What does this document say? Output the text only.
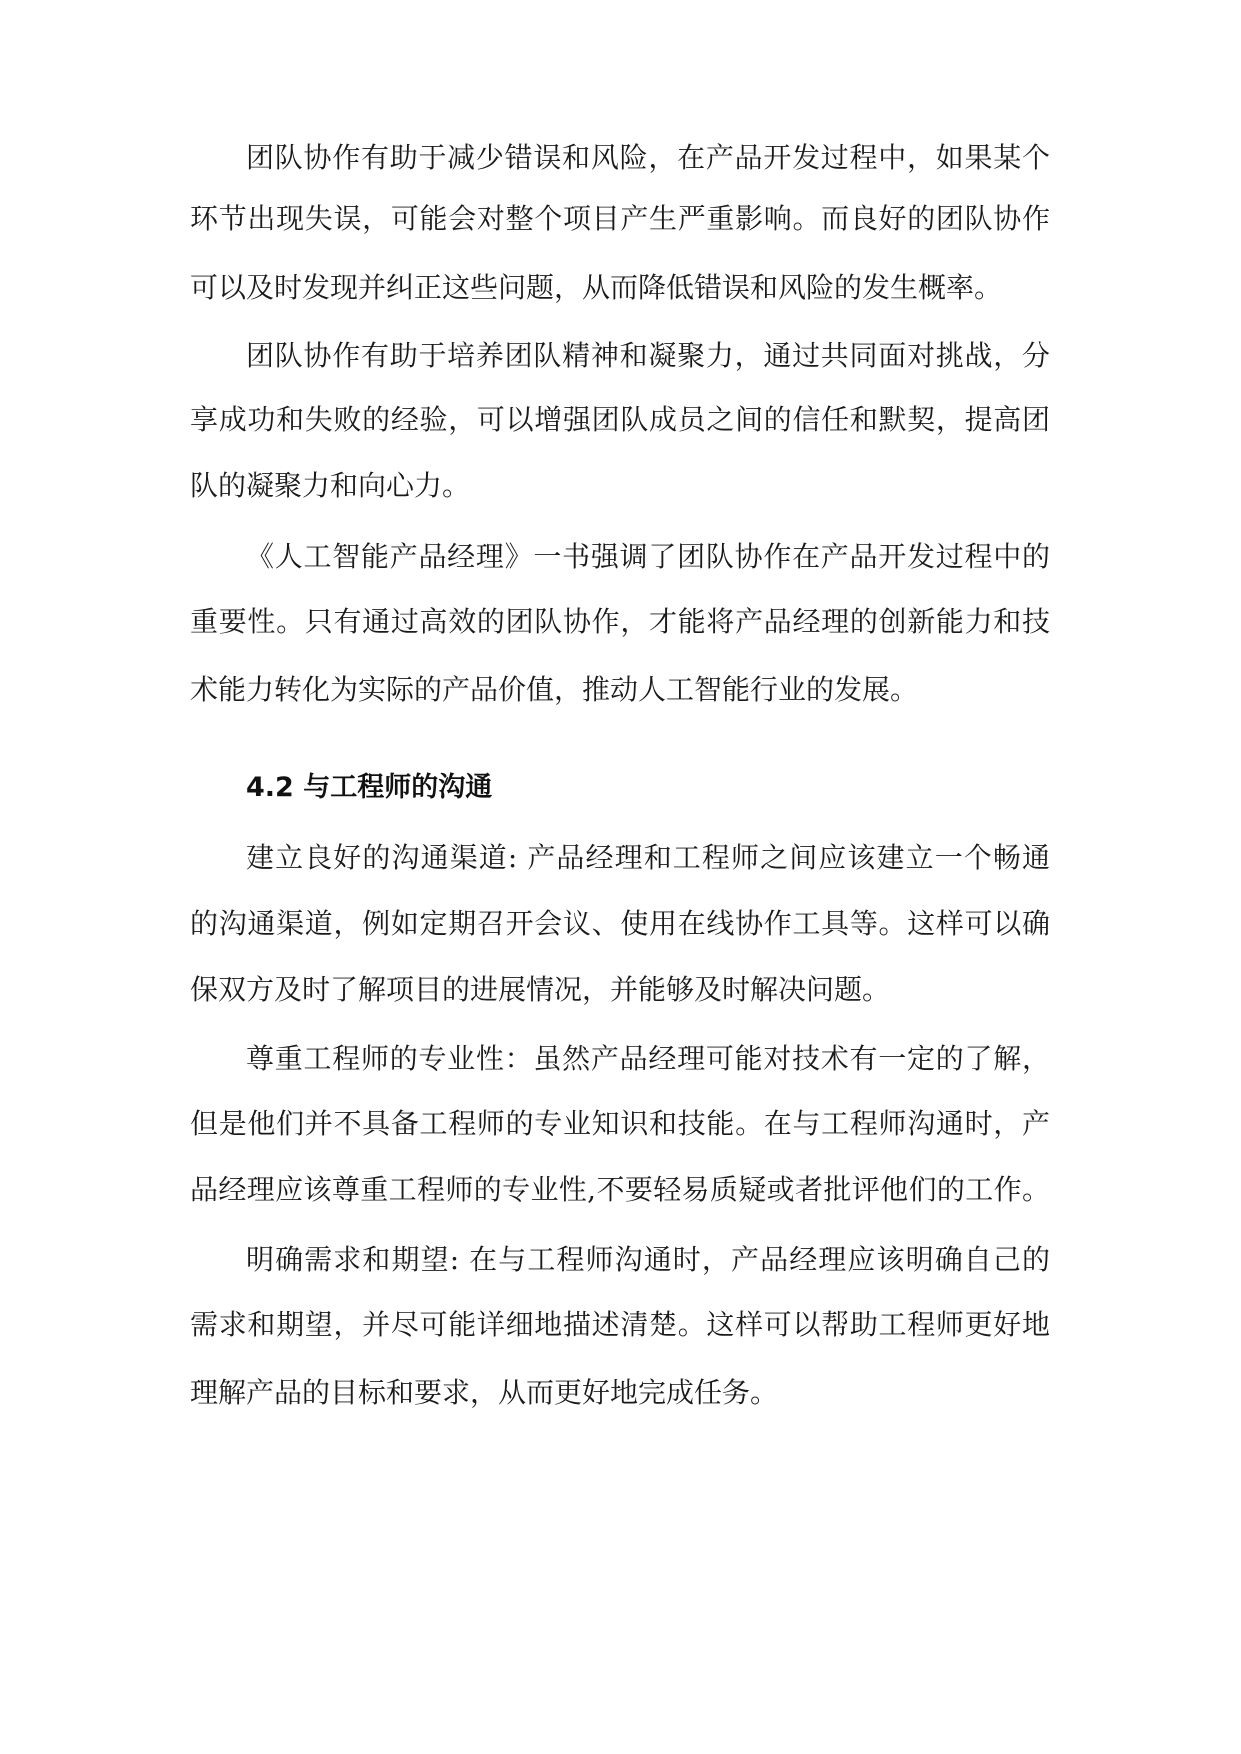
团队协作有助于减少错误和风险，在产品开发过程中，如果某个

环节出现失误，可能会对整个项目产生严重影响。而良好的团队协作

可以及时发现并纠正这些问题，从而降低错误和风险的发生概率。

团队协作有助于培养团队精神和凝聚力，通过共同面对挑战，分

享成功和失败的经验，可以增强团队成员之间的信任和默契，提高团

队的凝聚力和向心力。

《人工智能产品经理》一书强调了团队协作在产品开发过程中的

重要性。只有通过高效的团队协作，才能将产品经理的创新能力和技

术能力转化为实际的产品价值，推动人工智能行业的发展。

4.2 与工程师的沟通

建立良好的沟通渠道: 产品经理和工程师之间应该建立一个畅通

的沟通渠道，例如定期召开会议、使用在线协作工具等。这样可以确

保双方及时了解项目的进展情况，并能够及时解决问题。

尊重工程师的专业性：虽然产品经理可能对技术有一定的了解，

但是他们并不具备工程师的专业知识和技能。在与工程师沟通时，产

品经理应该尊重工程师的专业性,不要轻易质疑或者批评他们的工作。

明确需求和期望: 在与工程师沟通时，产品经理应该明确自己的

需求和期望，并尽可能详细地描述清楚。这样可以帮助工程师更好地

理解产品的目标和要求，从而更好地完成任务。
